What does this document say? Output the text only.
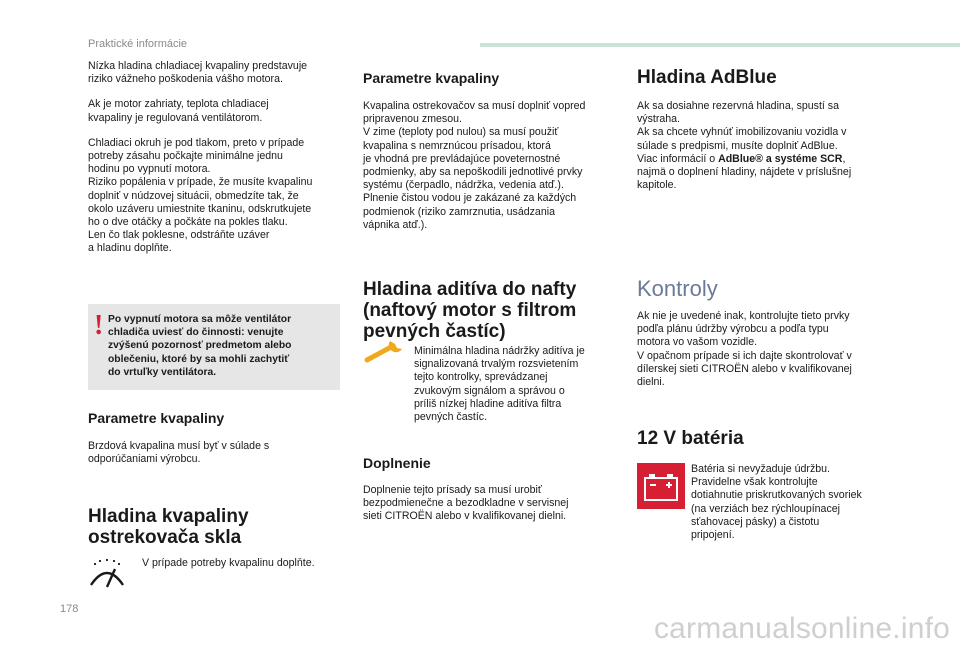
Praktické informácie

Nízka hladina chladiacej kvapaliny predstavuje
riziko vážneho poškodenia vášho motora.

Ak je motor zahriaty, teplota chladiacej
kvapaliny je regulovaná ventilátorom.

Chladiaci okruh je pod tlakom, preto v prípade
potreby zásahu počkajte minimálne jednu
hodinu po vypnutí motora.
Riziko popálenia v prípade, že musíte kvapalinu
doplniť v núdzovej situácii, obmedzíte tak, že
okolo uzáveru umiestnite tkaninu, odskrutkujete
ho o dve otáčky a počkáte na pokles tlaku.
Len čo tlak poklesne, odstráňte uzáver
a hladinu doplňte.

! Po vypnutí motora sa môže ventilátor
chladiča uviesť do činnosti: venujte
zvýšenú pozornosť predmetom alebo
oblečeniu, ktoré by sa mohli zachytiť
do vrtuľky ventilátora.
Parametre kvapaliny

Brzdová kvapalina musí byť v súlade s
odporúčaniami výrobcu.

Hladina kvapaliny
ostrekovača skla
V prípade potreby kvapalinu doplňte.
Parametre kvapaliny

Kvapalina ostrekovačov sa musí doplniť vopred
pripravenou zmesou.
V zime (teploty pod nulou) sa musí použiť
kvapalina s nemrznúcou prísadou, ktorá
je vhodná pre prevládajúce poveternostné
podmienky, aby sa nepoškodili jednotlivé prvky
systému (čerpadlo, nádržka, vedenia atď.).
Plnenie čistou vodou je zakázané za každých
podmienok (riziko zamrznutia, usádzania
vápnika atď.).

Hladina aditíva do nafty
(naftový motor s filtrom
pevných častíc)
Minimálna hladina nádržky aditíva je
signalizovaná trvalým rozsvietením
tejto kontrolky, sprevádzanej
zvukovým signálom a správou o
príliš nízkej hladine aditíva filtra
pevných častíc.
Doplnenie

Doplnenie tejto prísady sa musí urobiť
bezpodmienečne a bezodkladne v servisnej
sieti CITROËN alebo v kvalifikovanej dielni.

Hladina AdBlue

Ak sa dosiahne rezervná hladina, spustí sa
výstraha.
Ak sa chcete vyhnúť imobilizovaniu vozidla v
súlade s predpismi, musíte doplniť AdBlue.
Viac informácií o AdBlue® a systéme SCR,
najmä o doplnení hladiny, nájdete v príslušnej
kapitole.

Kontroly

Ak nie je uvedené inak, kontrolujte tieto prvky
podľa plánu údržby výrobcu a podľa typu
motora vo vašom vozidle.
V opačnom prípade si ich dajte skontrolovať v
dílerskej sieti CITROËN alebo v kvalifikovanej
dielni.

12 V batéria
Batéria si nevyžaduje údržbu.
Pravidelne však kontrolujte
dotiahnutie priskrutkovaných svoriek
(na verziách bez rýchloupínacej
sťahovacej pásky) a čistotu
pripojení.
178
carmanualsonline.info
